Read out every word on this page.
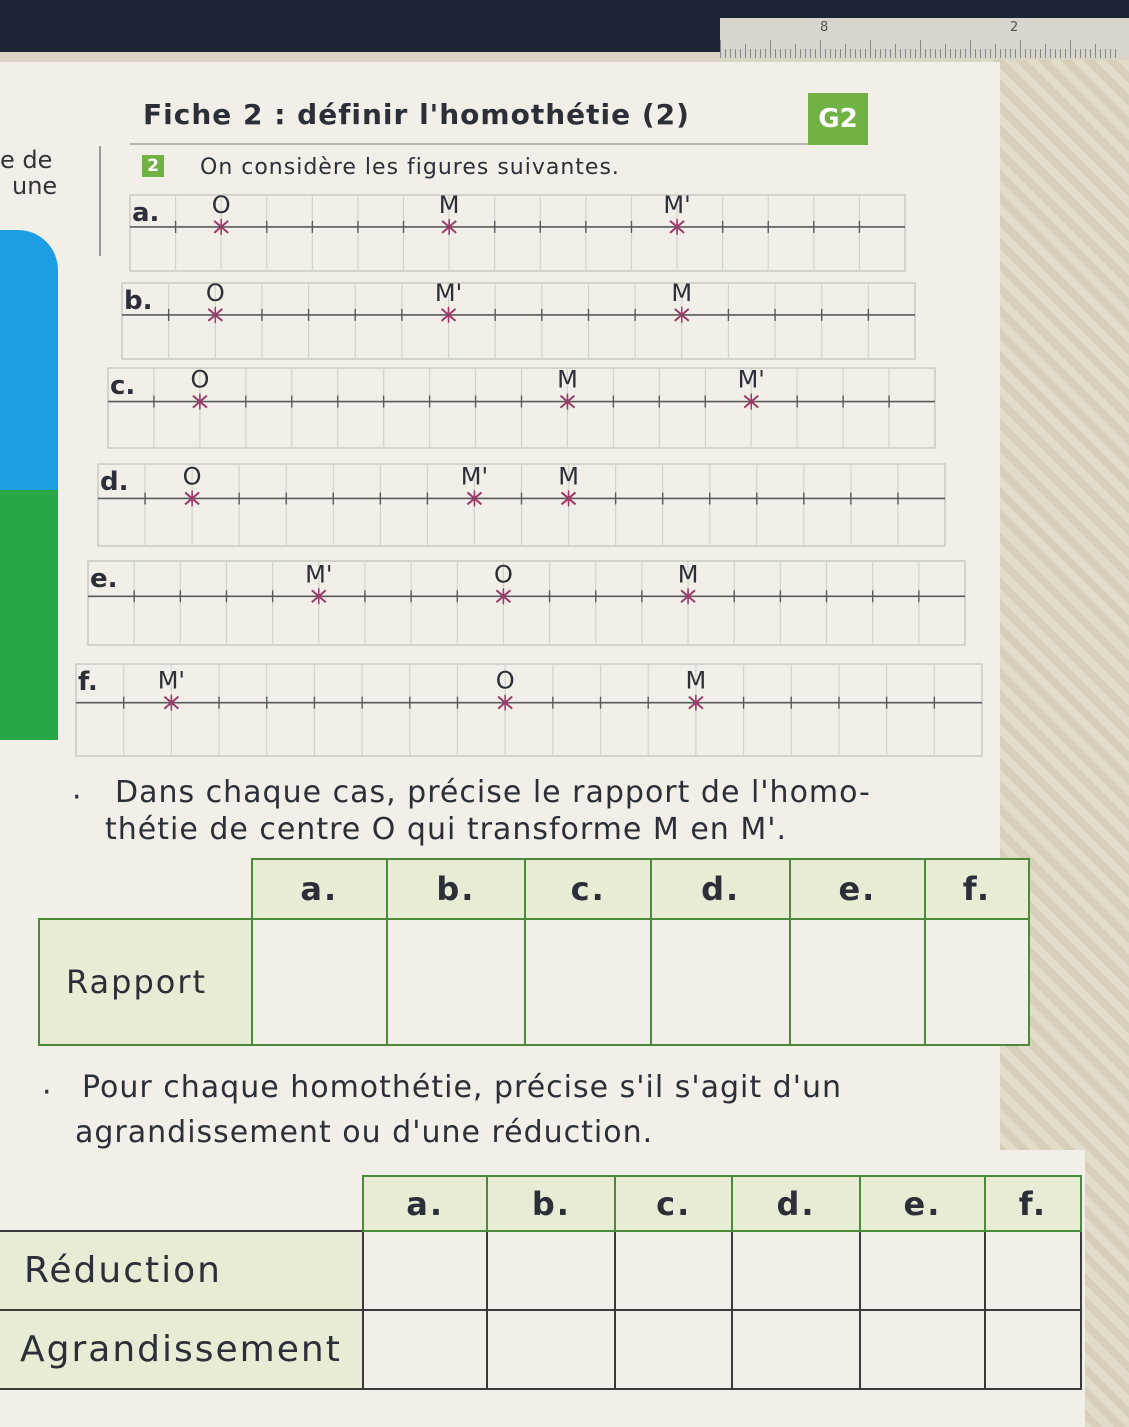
8	2
e de
une
Fiche 2 : définir l'homothétie (2)	G2
2 On considère les figures suivantes.
a. O	M	M'
b. O	M'	M
c. O	M	M'
d. O	M'	M
e.	M'	O	M
f. M'	O	M
· Dans chaque cas, précise le rapport de l'homo-
thétie de centre O qui transforme M en M'.
	a.	b.	c.	d.	e.	f.
Rapport						
· Pour chaque homothétie, précise s'il s'agit d'un
agrandissement ou d'une réduction.
	a.	b.	c.	d.	e.	f.
Réduction						
Agrandissement						
